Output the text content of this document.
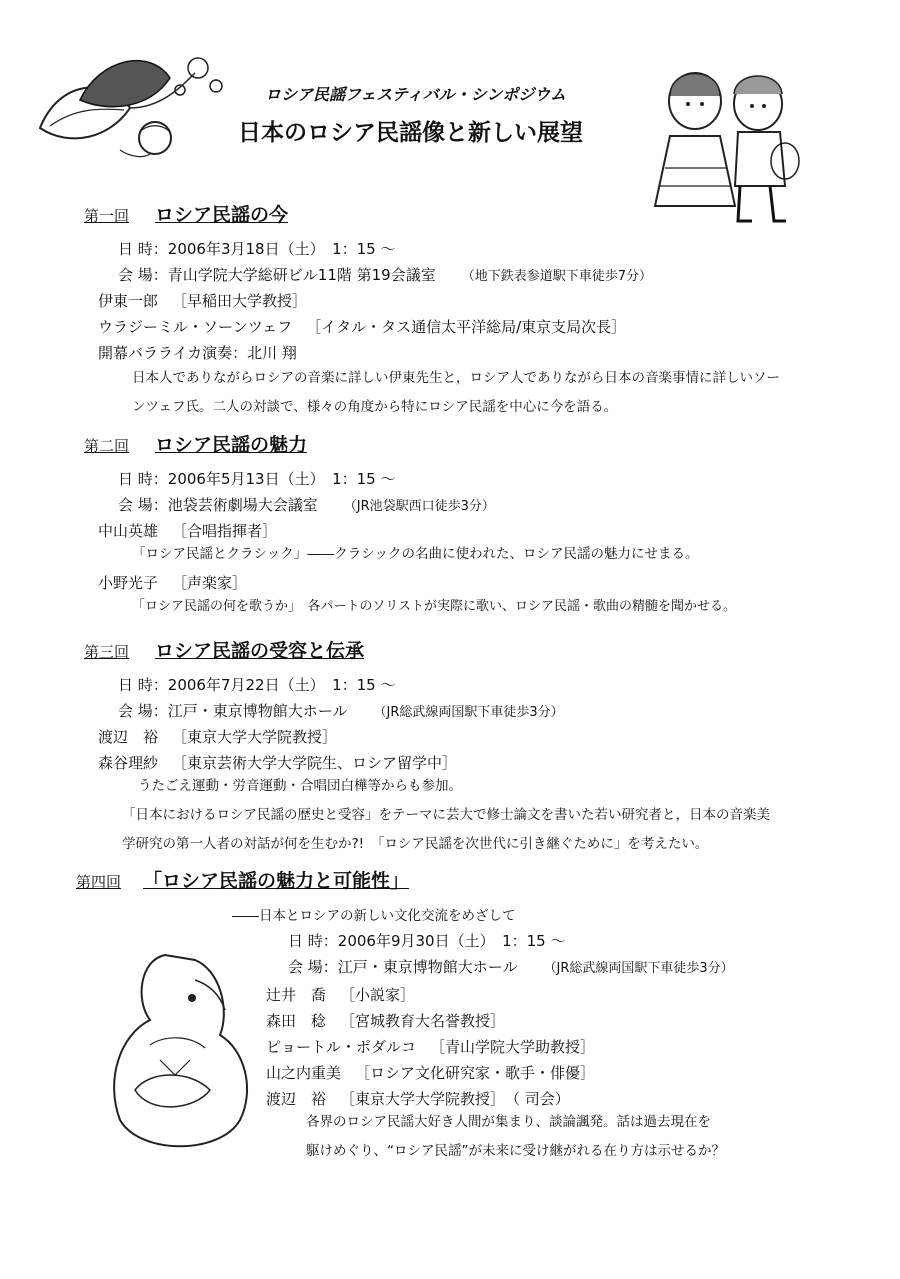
ロシア民謡フェスティバル・シンポジウム
日本のロシア民謡像と新しい展望
第一回 ロシア民謡の今
日 時：2006年3月18日（土）　1：15 ～
会 場：青山学院大学総研ビル11階 第19会議室 （地下鉄表参道駅下車徒歩7分）
伊東一郎 ［早稲田大学教授］
ウラジーミル・ソーンツェフ ［イタル・タス通信太平洋総局/東京支局次長］
開幕バラライカ演奏：北川 翔
日本人でありながらロシアの音楽に詳しい伊東先生と，ロシア人でありながら日本の音楽事情に詳しいソー
ンツェフ氏。二人の対談で、様々の角度から特にロシア民謡を中心に今を語る。
第二回 ロシア民謡の魅力
日 時：2006年5月13日（土）　1：15 ～
会 場：池袋芸術劇場大会議室 （JR池袋駅西口徒歩3分）
中山英雄 ［合唱指揮者］
「ロシア民謡とクラシック」――クラシックの名曲に使われた、ロシア民謡の魅力にせまる。
小野光子 ［声楽家］
「ロシア民謡の何を歌うか」　各パートのソリストが実際に歌い、ロシア民謡・歌曲の精髄を聞かせる。
第三回 ロシア民謡の受容と伝承
日 時：2006年7月22日（土）　1：15 ～
会 場：江戸・東京博物館大ホール （JR総武線両国駅下車徒歩3分）
渡辺　裕 ［東京大学大学院教授］
森谷理紗 ［東京芸術大学大学院生、ロシア留学中］
うたごえ運動・労音運動・合唱団白樺等からも参加。
「日本におけるロシア民謡の歴史と受容」をテーマに芸大で修士論文を書いた若い研究者と，日本の音楽美
学研究の第一人者の対話が何を生むか?!　「ロシア民謡を次世代に引き継ぐために」を考えたい。
第四回 「ロシア民謡の魅力と可能性」
――日本とロシアの新しい文化交流をめざして
日 時：2006年9月30日（土）　1：15 ～
会 場：江戸・東京博物館大ホール （JR総武線両国駅下車徒歩3分）
辻井　喬 ［小説家］
森田　稔 ［宮城教育大名誉教授］
ピョートル・ポダルコ ［青山学院大学助教授］
山之内重美 ［ロシア文化研究家・歌手・俳優］
渡辺　裕 ［東京大学大学院教授］　（ 司会）
各界のロシア民謡大好き人間が集まり、談論諷発。話は過去現在を
駆けめぐり、“ロシア民謡”が未来に受け継がれる在り方は示せるか？
